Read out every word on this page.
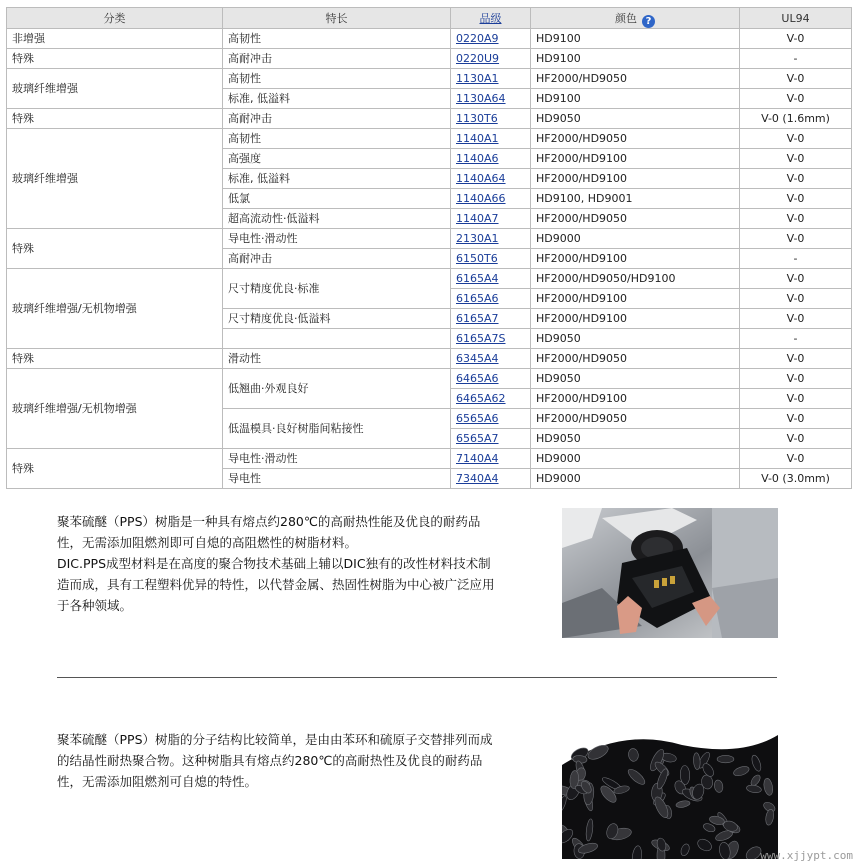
分类	特长	品级	颜色 ?	UL94
非增强	高韧性	0220A9	HD9100	V-0
特殊	高耐冲击	0220U9	HD9100	-
玻璃纤维增强	高韧性	1130A1	HF2000/HD9050	V-0
	标准, 低溢料	1130A64	HD9100	V-0
特殊	高耐冲击	1130T6	HD9050	V-0 (1.6mm)
玻璃纤维增强	高韧性	1140A1	HF2000/HD9050	V-0
	高强度	1140A6	HF2000/HD9100	V-0
	标准, 低溢料	1140A64	HF2000/HD9100	V-0
	低氯	1140A66	HD9100, HD9001	V-0
	超高流动性·低溢料	1140A7	HF2000/HD9050	V-0
特殊	导电性·滑动性	2130A1	HD9000	V-0
	高耐冲击	6150T6	HF2000/HD9100	-
玻璃纤维增强/无机物增强	尺寸精度优良·标准	6165A4	HF2000/HD9050/HD9100	V-0
		6165A6	HF2000/HD9100	V-0
	尺寸精度优良·低溢料	6165A7	HF2000/HD9100	V-0
		6165A7S	HD9050	-
特殊	滑动性	6345A4	HF2000/HD9050	V-0
玻璃纤维增强/无机物增强	低翘曲·外观良好	6465A6	HD9050	V-0
		6465A62	HF2000/HD9100	V-0
	低温模具·良好树脂间粘接性	6565A6	HF2000/HD9050	V-0
		6565A7	HD9050	V-0
特殊	导电性·滑动性	7140A4	HD9000	V-0
	导电性	7340A4	HD9000	V-0 (3.0mm)

聚苯硫醚（PPS）树脂是一种具有熔点约280℃的高耐热性能及优良的耐药品

性，无需添加阻燃剂即可自熄的高阻燃性的树脂材料。

DIC.PPS成型材料是在高度的聚合物技术基础上辅以DIC独有的改性材料技术制

造而成，具有工程塑料优异的特性，以代替金属、热固性树脂为中心被广泛应用

于各种领域。

聚苯硫醚（PPS）树脂的分子结构比较简单，是由由苯环和硫原子交替排列而成

的结晶性耐热聚合物。这种树脂具有熔点约280℃的高耐热性及优良的耐药品

性，无需添加阻燃剂可自熄的特性。

www.xjjypt.com
